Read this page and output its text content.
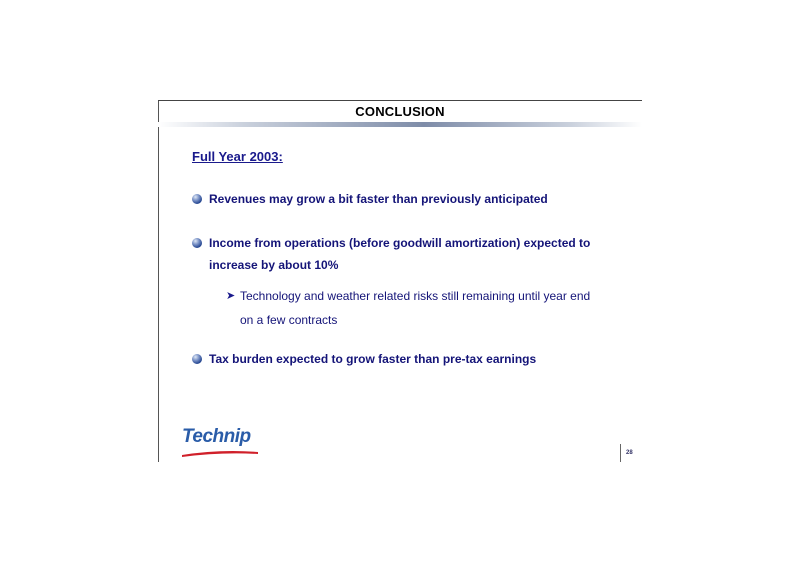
CONCLUSION
Full Year 2003:
Revenues may grow a bit faster than previously anticipated
Income from operations (before goodwill amortization) expected to increase by about 10%
➤ Technology and weather related risks still remaining until year end on a few contracts
Tax burden expected to grow faster than pre-tax earnings
Technip
28
